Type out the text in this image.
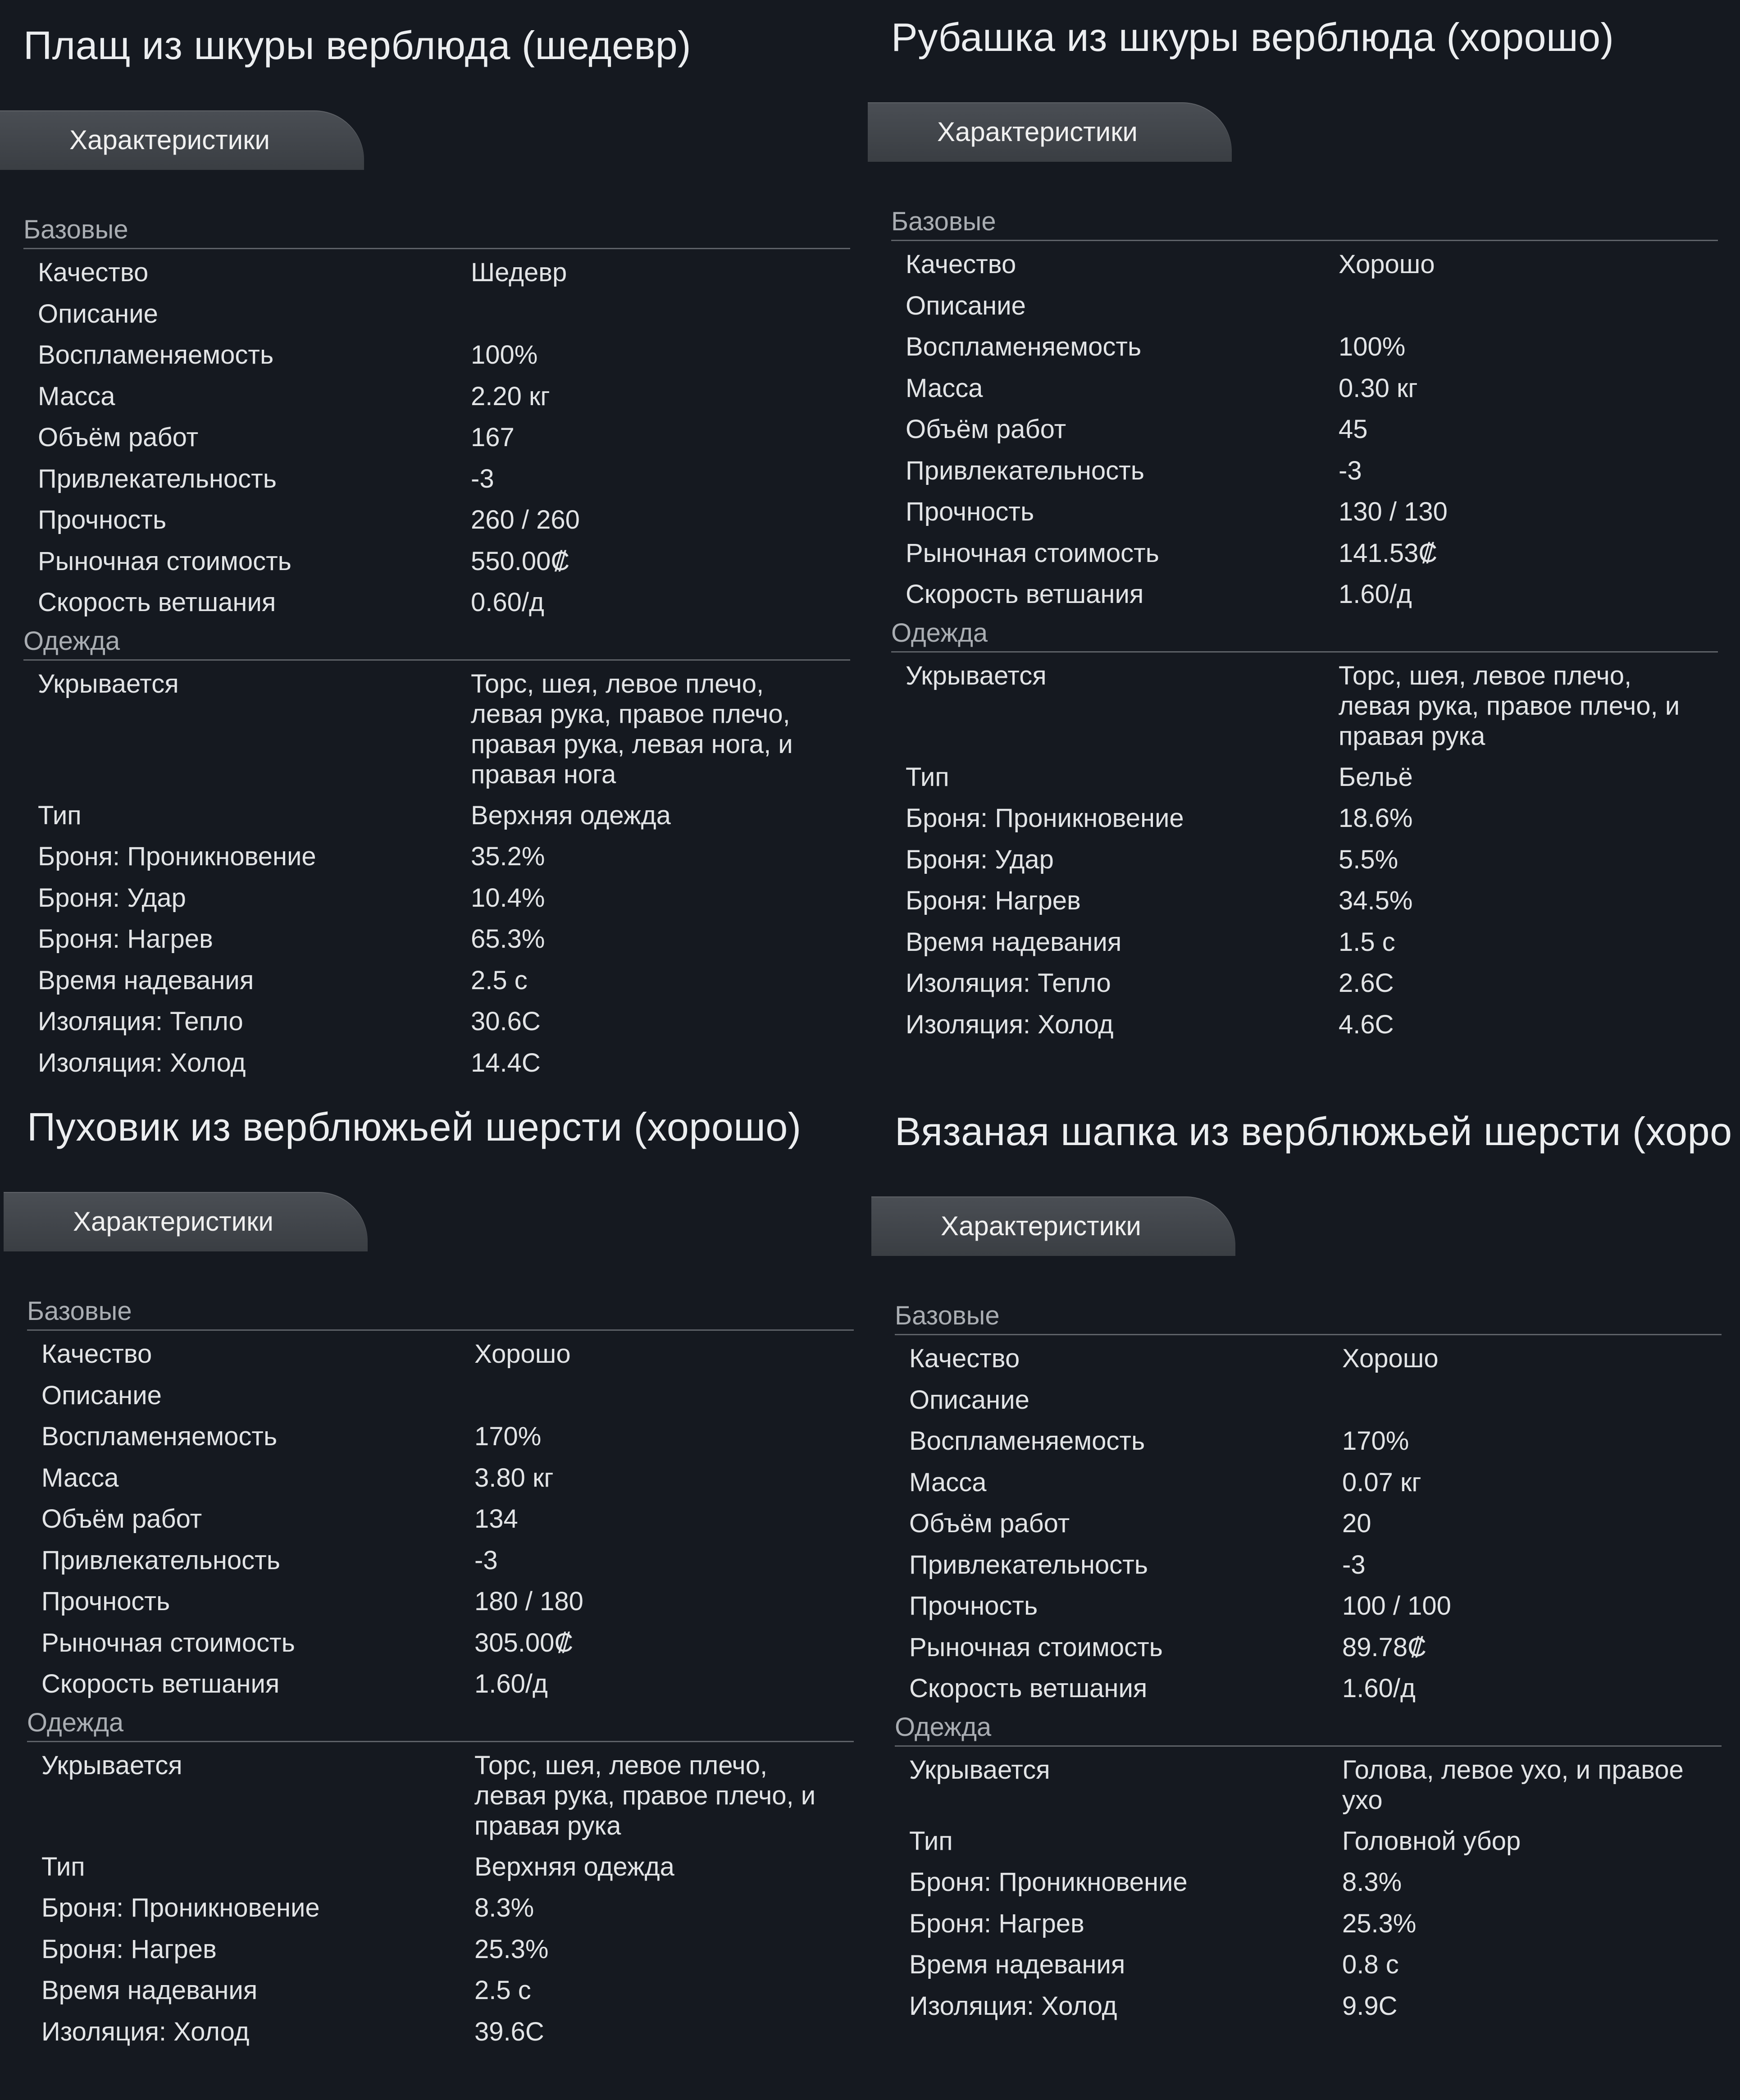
Плащ из шкуры верблюда (шедевр)
Характеристики
Базовые
Качество	Шедевр
Описание
Воспламеняемость	100%
Масса	2.20 кг
Объём работ	167
Привлекательность	-3
Прочность	260 / 260
Рыночная стоимость	550.00₡
Скорость ветшания	0.60/д
Одежда
Укрывается	Торс, шея, левое плечо, левая рука, правое плечо, правая рука, левая нога, и правая нога
Тип	Верхняя одежда
Броня: Проникновение	35.2%
Броня: Удар	10.4%
Броня: Нагрев	65.3%
Время надевания	2.5 с
Изоляция: Тепло	30.6C
Изоляция: Холод	14.4C
Рубашка из шкуры верблюда (хорошо)
Характеристики
Базовые
Качество	Хорошо
Описание
Воспламеняемость	100%
Масса	0.30 кг
Объём работ	45
Привлекательность	-3
Прочность	130 / 130
Рыночная стоимость	141.53₡
Скорость ветшания	1.60/д
Одежда
Укрывается	Торс, шея, левое плечо, левая рука, правое плечо, и правая рука
Тип	Бельё
Броня: Проникновение	18.6%
Броня: Удар	5.5%
Броня: Нагрев	34.5%
Время надевания	1.5 с
Изоляция: Тепло	2.6C
Изоляция: Холод	4.6C
Пуховик из верблюжьей шерсти (хорошо)
Характеристики
Базовые
Качество	Хорошо
Описание
Воспламеняемость	170%
Масса	3.80 кг
Объём работ	134
Привлекательность	-3
Прочность	180 / 180
Рыночная стоимость	305.00₡
Скорость ветшания	1.60/д
Одежда
Укрывается	Торс, шея, левое плечо, левая рука, правое плечо, и правая рука
Тип	Верхняя одежда
Броня: Проникновение	8.3%
Броня: Нагрев	25.3%
Время надевания	2.5 с
Изоляция: Холод	39.6C
Вязаная шапка из верблюжьей шерсти (хоро
Характеристики
Базовые
Качество	Хорошо
Описание
Воспламеняемость	170%
Масса	0.07 кг
Объём работ	20
Привлекательность	-3
Прочность	100 / 100
Рыночная стоимость	89.78₡
Скорость ветшания	1.60/д
Одежда
Укрывается	Голова, левое ухо, и правое ухо
Тип	Головной убор
Броня: Проникновение	8.3%
Броня: Нагрев	25.3%
Время надевания	0.8 с
Изоляция: Холод	9.9C
